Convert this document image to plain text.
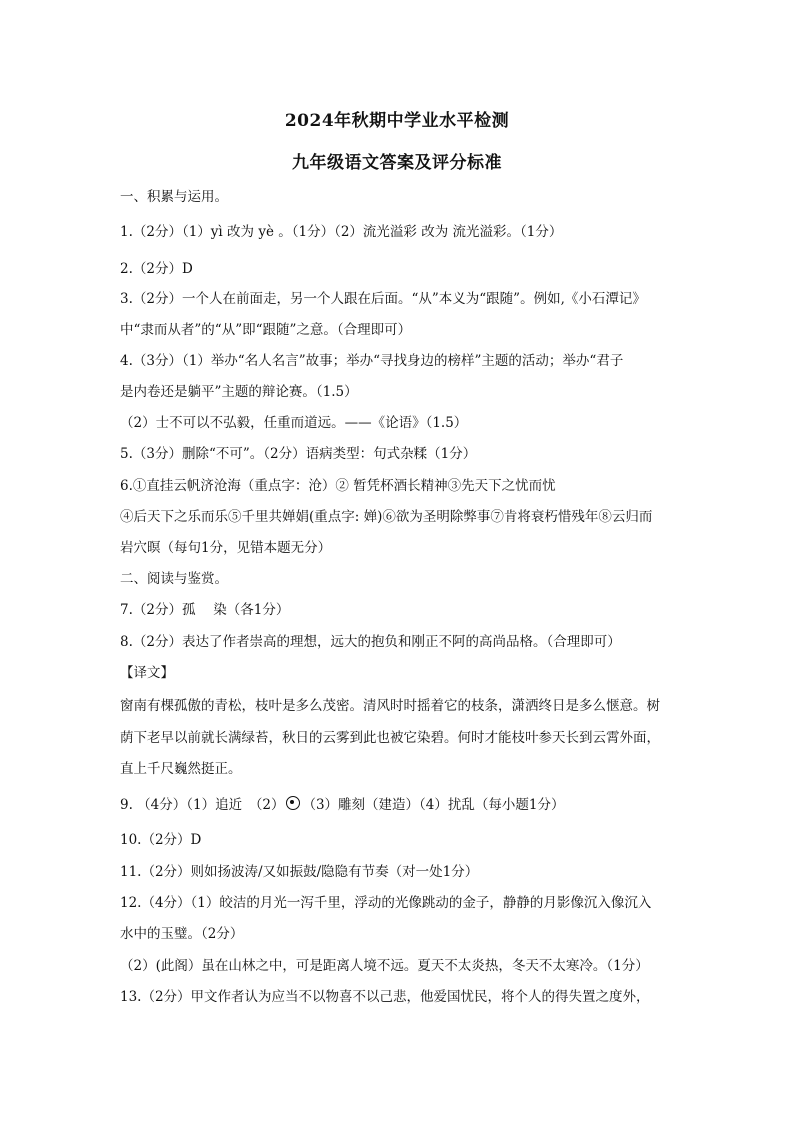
2024年秋期中学业水平检测
九年级语文答案及评分标准
一、积累与运用。
1.（2分）（1）yì 改为 yè 。（1分）（2）流光溢彩 改为 流光溢彩。（1分）
2.（2分）D
3.（2分）一个人在前面走，另一个人跟在后面。“从”本义为“跟随”。例如,《小石潭记》
中“隶而从者”的“从”即“跟随”之意。（合理即可）
4.（3分）（1）举办“名人名言”故事；举办“寻找身边的榜样”主题的活动；举办“君子
是内卷还是躺平”主题的辩论赛。（1.5）
（2）士不可以不弘毅，任重而道远。——《论语》（1.5）
5.（3分）删除“不可”。（2分）语病类型：句式杂糅（1分）
6.①直挂云帆济沧海（重点字：沧）② 暂凭杯酒长精神③先天下之忧而忧
④后天下之乐而乐⑤千里共婵娟(重点字: 婵)⑥欲为圣明除弊事⑦肯将衰朽惜残年⑧云归而
岩穴暝（每句1分，见错本题无分）
二、阅读与鉴赏。
7.（2分）孤　 染（各1分）
8.（2分）表达了作者崇高的理想，远大的抱负和刚正不阿的高尚品格。（合理即可）
【译文】
窗南有棵孤傲的青松，枝叶是多么茂密。清风时时摇着它的枝条，潇洒终日是多么惬意。树
荫下老早以前就长满绿苔，秋日的云雾到此也被它染碧。何时才能枝叶参天长到云霄外面，
直上千尺巍然挺正。
9. （4分）（1）追近　（2） （3）雕刻（建造）（4）扰乱（每小题1分）
10.（2分）D
11.（2分）则如扬波涛/又如振鼓/隐隐有节奏（对一处1分）
12.（4分）（1）皎洁的月光一泻千里，浮动的光像跳动的金子，静静的月影像沉入像沉入
水中的玉璧。（2分）
（2）(此阁）虽在山林之中，可是距离人境不远。夏天不太炎热，冬天不太寒冷。（1分）
13.（2分）甲文作者认为应当不以物喜不以己悲，他爱国忧民，将个人的得失置之度外，
